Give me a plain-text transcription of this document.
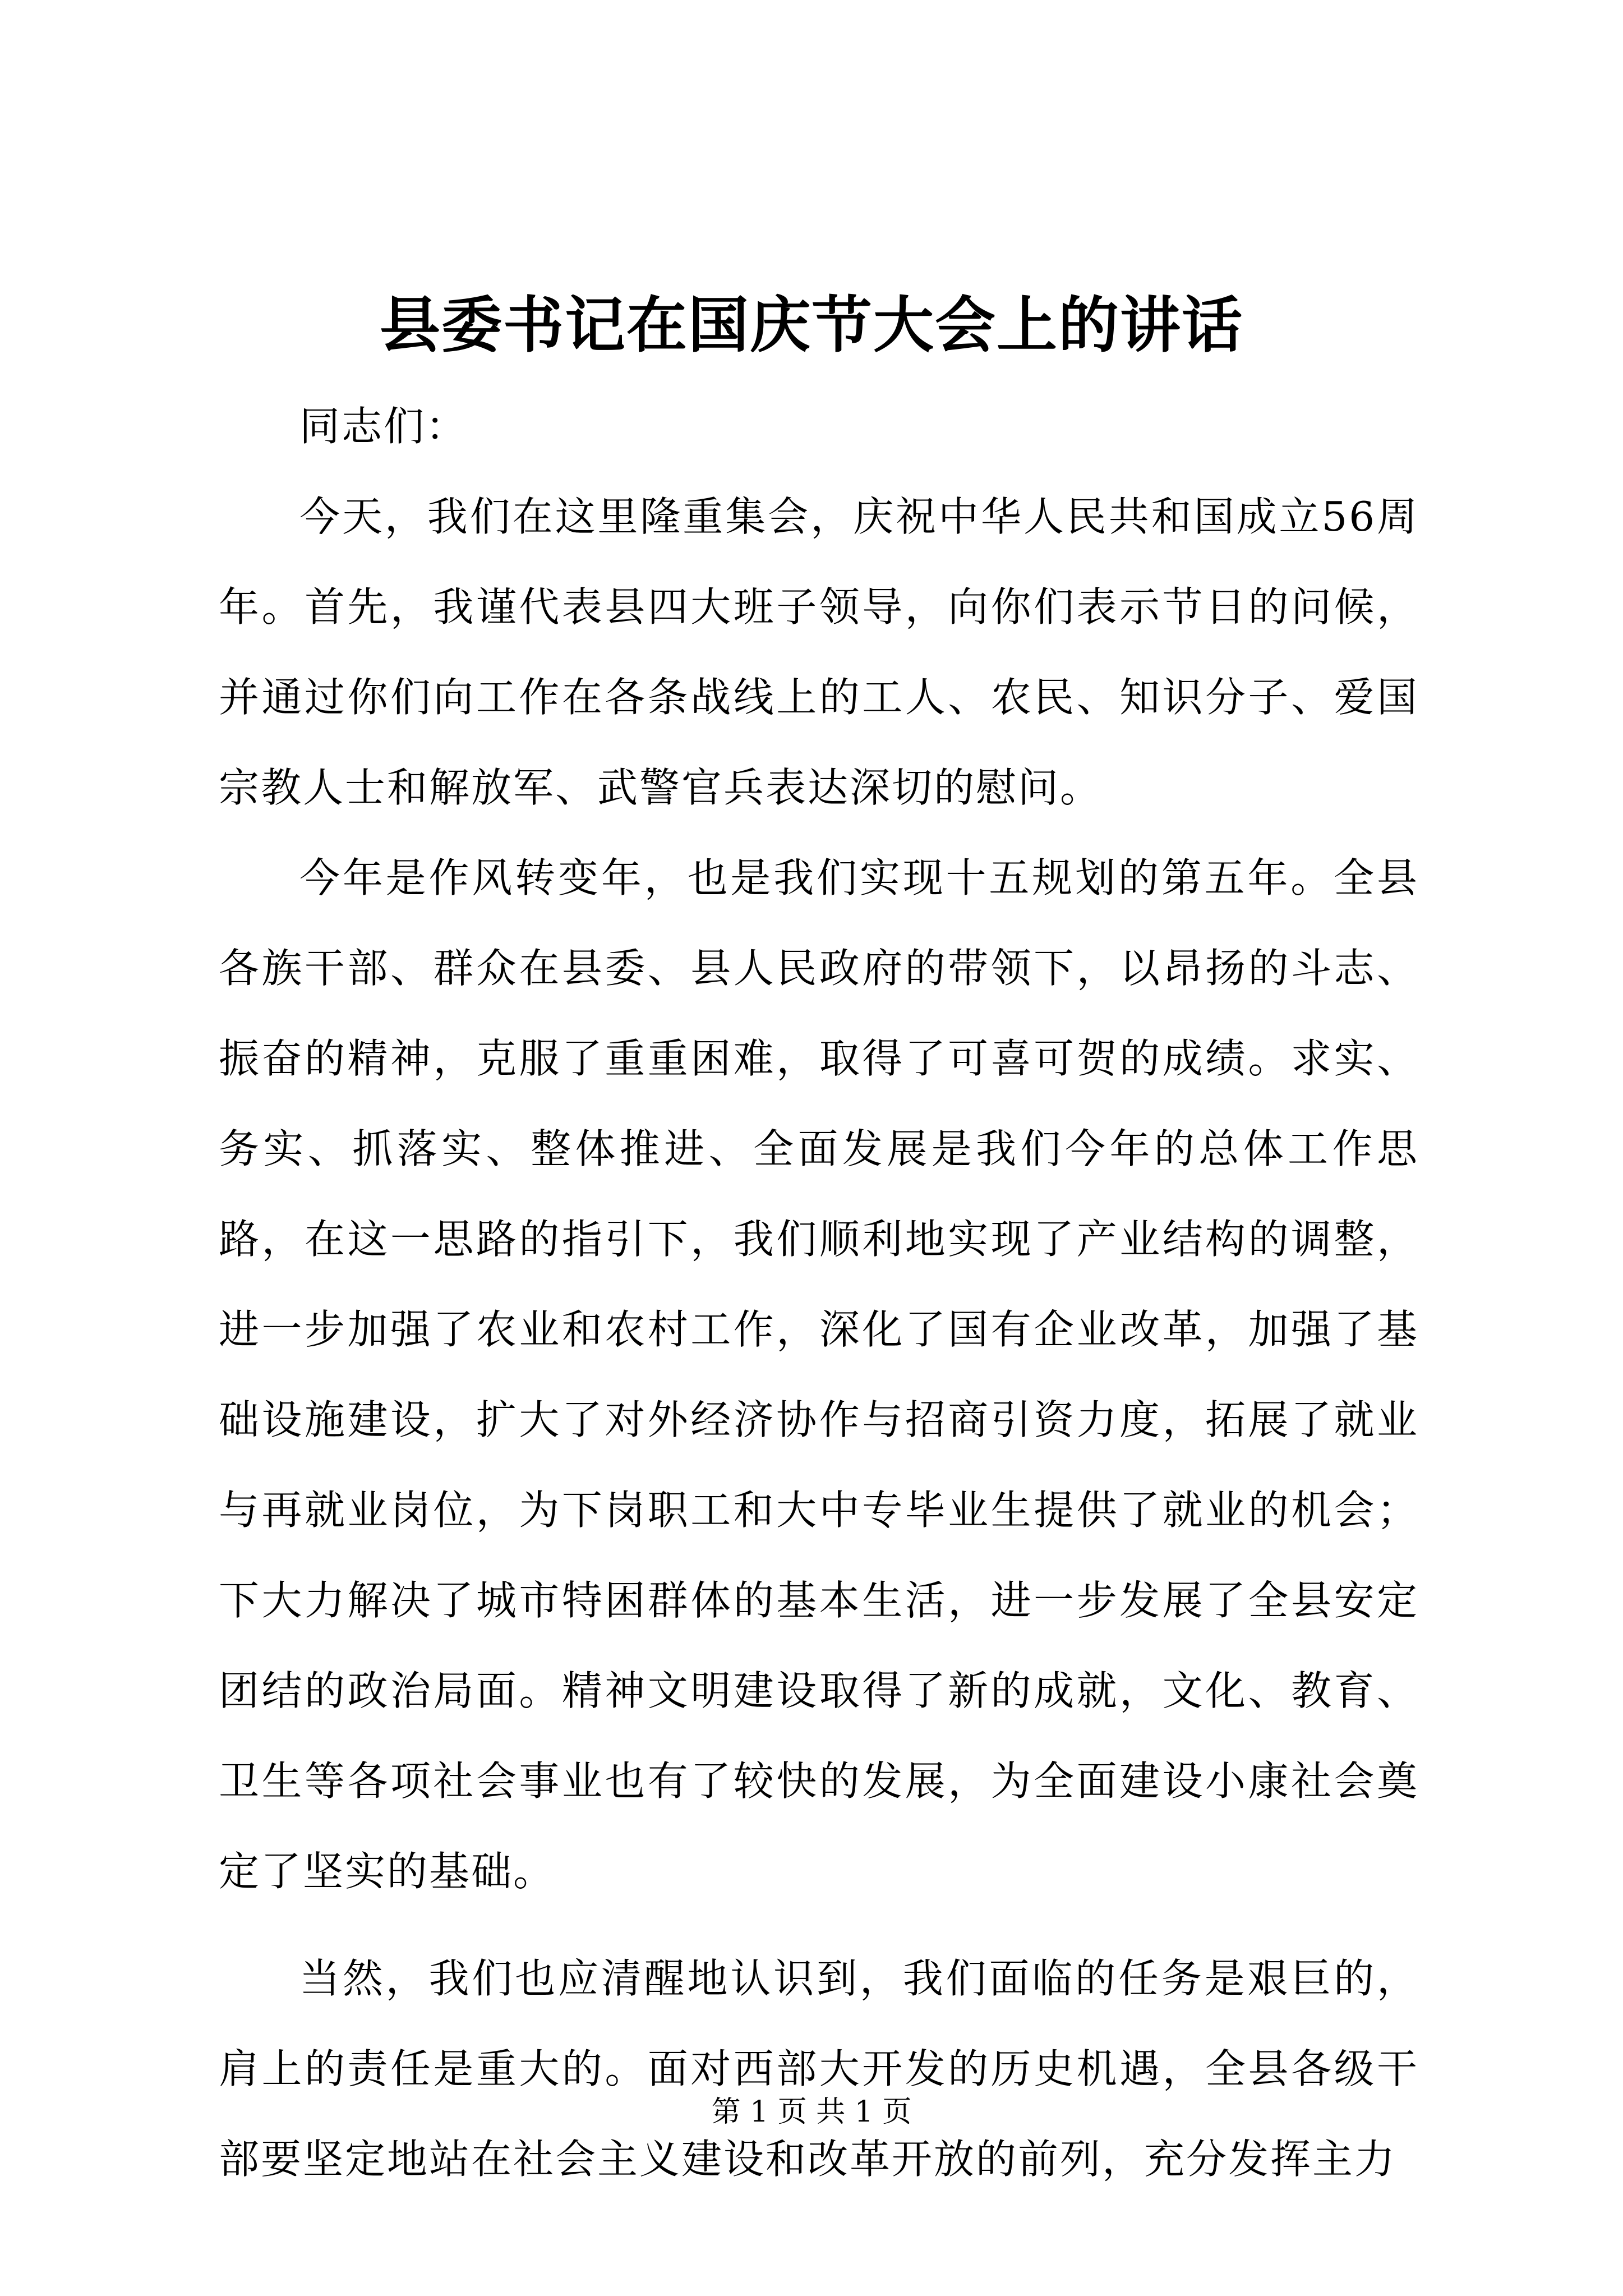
县委书记在国庆节大会上的讲话

同志们：

今天，我们在这里隆重集会，庆祝中华人民共和国成立56周年。首先，我谨代表县四大班子领导，向你们表示节日的问候，并通过你们向工作在各条战线上的工人、农民、知识分子、爱国宗教人士和解放军、武警官兵表达深切的慰问。

今年是作风转变年，也是我们实现十五规划的第五年。全县各族干部、群众在县委、县人民政府的带领下，以昂扬的斗志、振奋的精神，克服了重重困难，取得了可喜可贺的成绩。求实、务实、抓落实、整体推进、全面发展是我们今年的总体工作思路，在这一思路的指引下，我们顺利地实现了产业结构的调整，进一步加强了农业和农村工作，深化了国有企业改革，加强了基础设施建设，扩大了对外经济协作与招商引资力度，拓展了就业与再就业岗位，为下岗职工和大中专毕业生提供了就业的机会；下大力解决了城市特困群体的基本生活，进一步发展了全县安定团结的政治局面。精神文明建设取得了新的成就，文化、教育、卫生等各项社会事业也有了较快的发展，为全面建设小康社会奠定了坚实的基础。

当然，我们也应清醒地认识到，我们面临的任务是艰巨的，肩上的责任是重大的。面对西部大开发的历史机遇，全县各级干部要坚定地站在社会主义建设和改革开放的前列，充分发挥主力

第 1 页 共 1 页
